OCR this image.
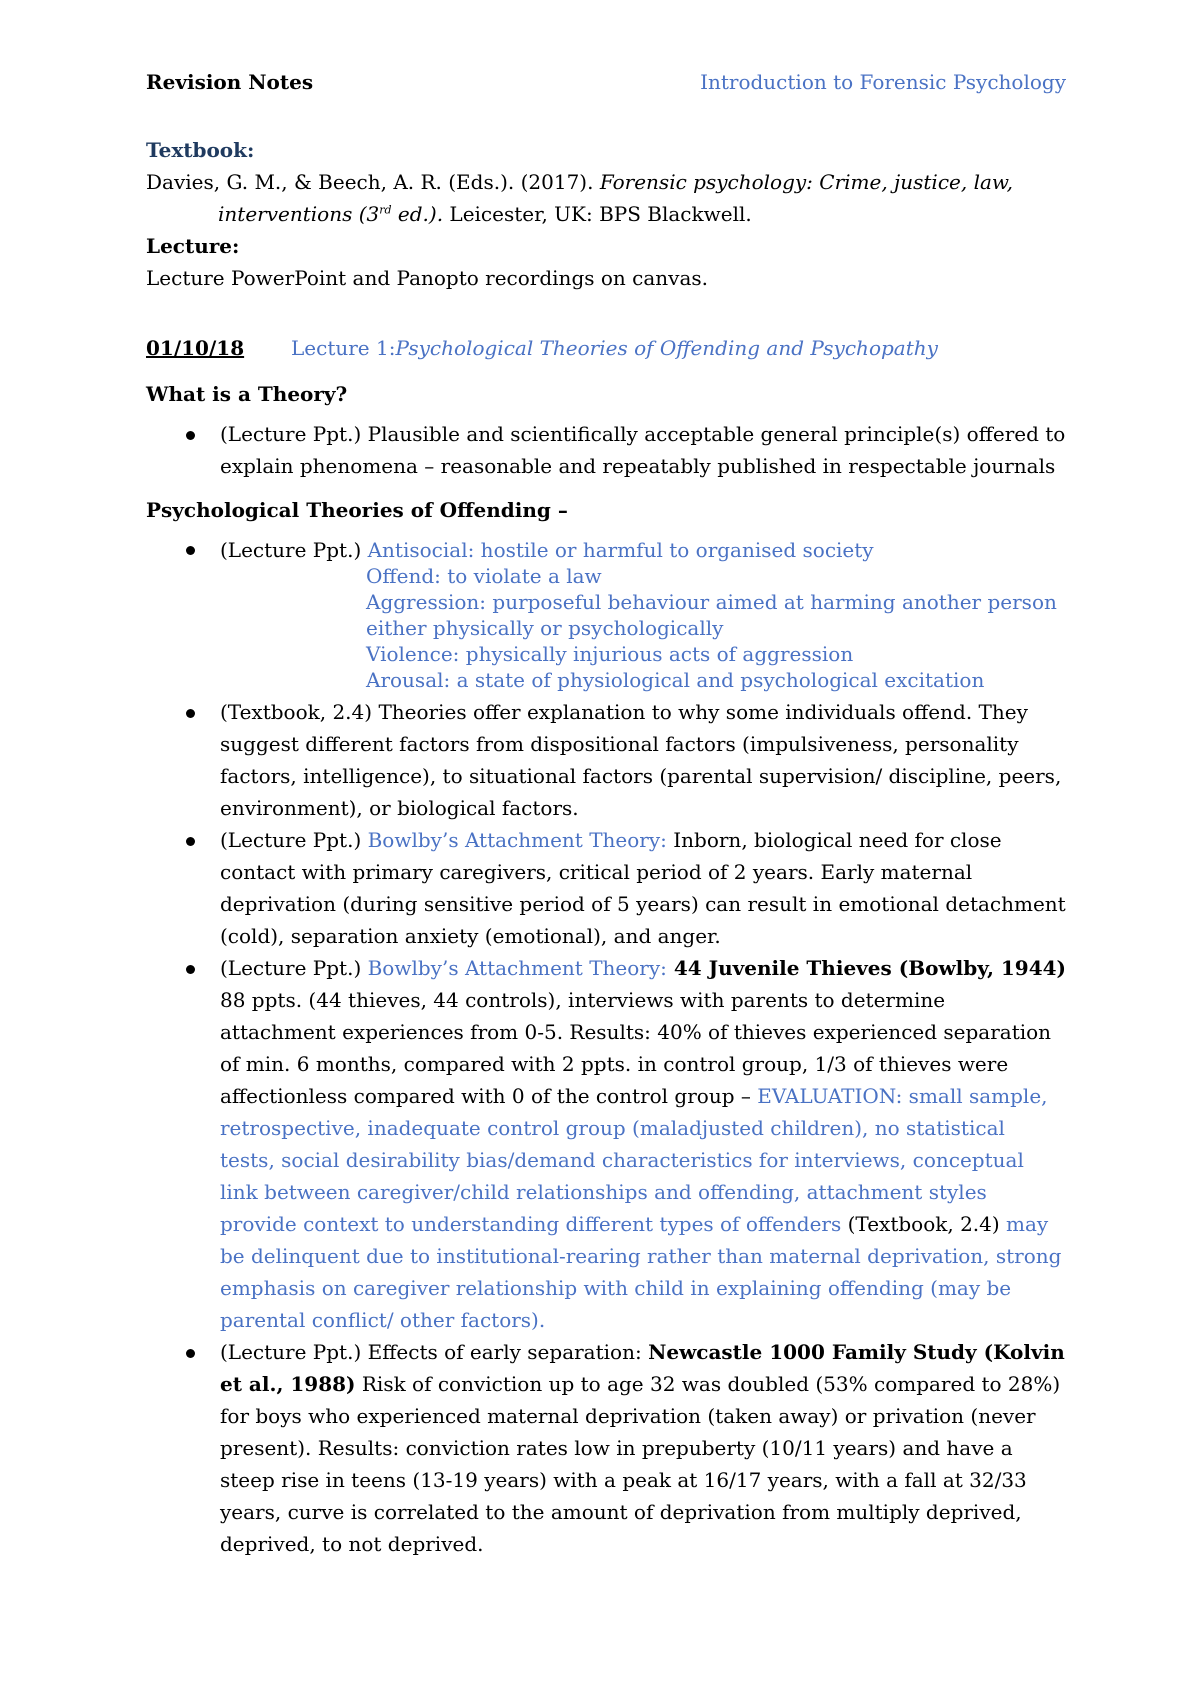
Revision Notes	Introduction to Forensic Psychology
Textbook:
Davies, G. M., & Beech, A. R. (Eds.). (2017). Forensic psychology: Crime, justice, law, interventions (3rd ed.). Leicester, UK: BPS Blackwell.
Lecture:
Lecture PowerPoint and Panopto recordings on canvas.
01/10/18	Lecture 1: Psychological Theories of Offending and Psychopathy
What is a Theory?
(Lecture Ppt.) Plausible and scientifically acceptable general principle(s) offered to explain phenomena – reasonable and repeatably published in respectable journals
Psychological Theories of Offending –
(Lecture Ppt.) Antisocial: hostile or harmful to organised society
Offend: to violate a law
Aggression: purposeful behaviour aimed at harming another person either physically or psychologically
Violence: physically injurious acts of aggression
Arousal: a state of physiological and psychological excitation
(Textbook, 2.4) Theories offer explanation to why some individuals offend. They suggest different factors from dispositional factors (impulsiveness, personality factors, intelligence), to situational factors (parental supervision/ discipline, peers, environment), or biological factors.
(Lecture Ppt.) Bowlby’s Attachment Theory: Inborn, biological need for close contact with primary caregivers, critical period of 2 years. Early maternal deprivation (during sensitive period of 5 years) can result in emotional detachment (cold), separation anxiety (emotional), and anger.
(Lecture Ppt.) Bowlby’s Attachment Theory: 44 Juvenile Thieves (Bowlby, 1944) 88 ppts. (44 thieves, 44 controls), interviews with parents to determine attachment experiences from 0-5. Results: 40% of thieves experienced separation of min. 6 months, compared with 2 ppts. in control group, 1/3 of thieves were affectionless compared with 0 of the control group – EVALUATION: small sample, retrospective, inadequate control group (maladjusted children), no statistical tests, social desirability bias/demand characteristics for interviews, conceptual link between caregiver/child relationships and offending, attachment styles provide context to understanding different types of offenders (Textbook, 2.4) may be delinquent due to institutional-rearing rather than maternal deprivation, strong emphasis on caregiver relationship with child in explaining offending (may be parental conflict/ other factors).
(Lecture Ppt.) Effects of early separation: Newcastle 1000 Family Study (Kolvin et al., 1988) Risk of conviction up to age 32 was doubled (53% compared to 28%) for boys who experienced maternal deprivation (taken away) or privation (never present). Results: conviction rates low in prepuberty (10/11 years) and have a steep rise in teens (13-19 years) with a peak at 16/17 years, with a fall at 32/33 years, curve is correlated to the amount of deprivation from multiply deprived, deprived, to not deprived.
